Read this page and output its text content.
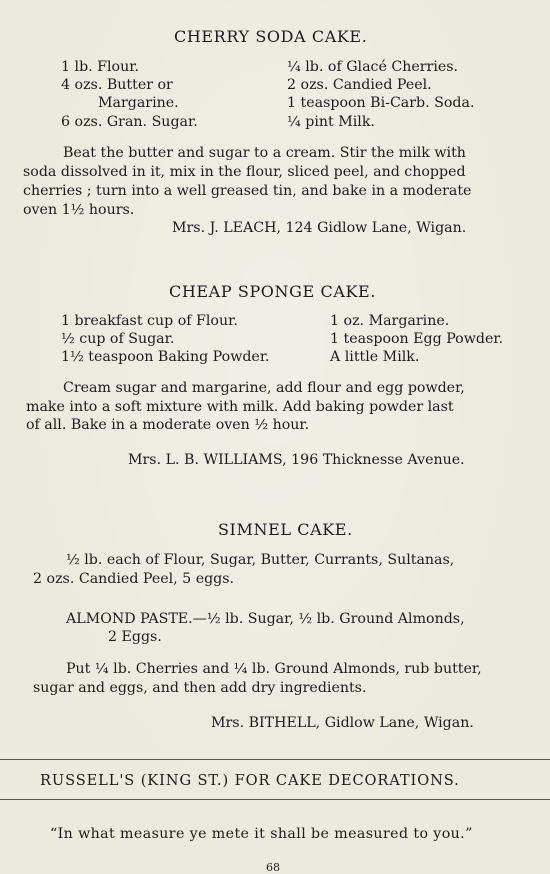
CHERRY SODA CAKE.
1 lb. Flour.
4 ozs. Butter or
Margarine.
6 ozs. Gran. Sugar.
¼ lb. of Glacé Cherries.
2 ozs. Candied Peel.
1 teaspoon Bi-Carb. Soda.
¼ pint Milk.
Beat the butter and sugar to a cream. Stir the milk with
soda dissolved in it, mix in the flour, sliced peel, and chopped
cherries ; turn into a well greased tin, and bake in a moderate
oven 1½ hours.
Mrs. J. LEACH, 124 Gidlow Lane, Wigan.
CHEAP SPONGE CAKE.
1 breakfast cup of Flour.
½ cup of Sugar.
1½ teaspoon Baking Powder.
1 oz. Margarine.
1 teaspoon Egg Powder.
A little Milk.
Cream sugar and margarine, add flour and egg powder,
make into a soft mixture with milk. Add baking powder last
of all. Bake in a moderate oven ½ hour.
Mrs. L. B. WILLIAMS, 196 Thicknesse Avenue.
SIMNEL CAKE.
½ lb. each of Flour, Sugar, Butter, Currants, Sultanas,
2 ozs. Candied Peel, 5 eggs.
ALMOND PASTE.—½ lb. Sugar, ½ lb. Ground Almonds,
2 Eggs.
Put ¼ lb. Cherries and ¼ lb. Ground Almonds, rub butter,
sugar and eggs, and then add dry ingredients.
Mrs. BITHELL, Gidlow Lane, Wigan.
RUSSELL'S (KING ST.) FOR CAKE DECORATIONS.
“In what measure ye mete it shall be measured to you.”
68
